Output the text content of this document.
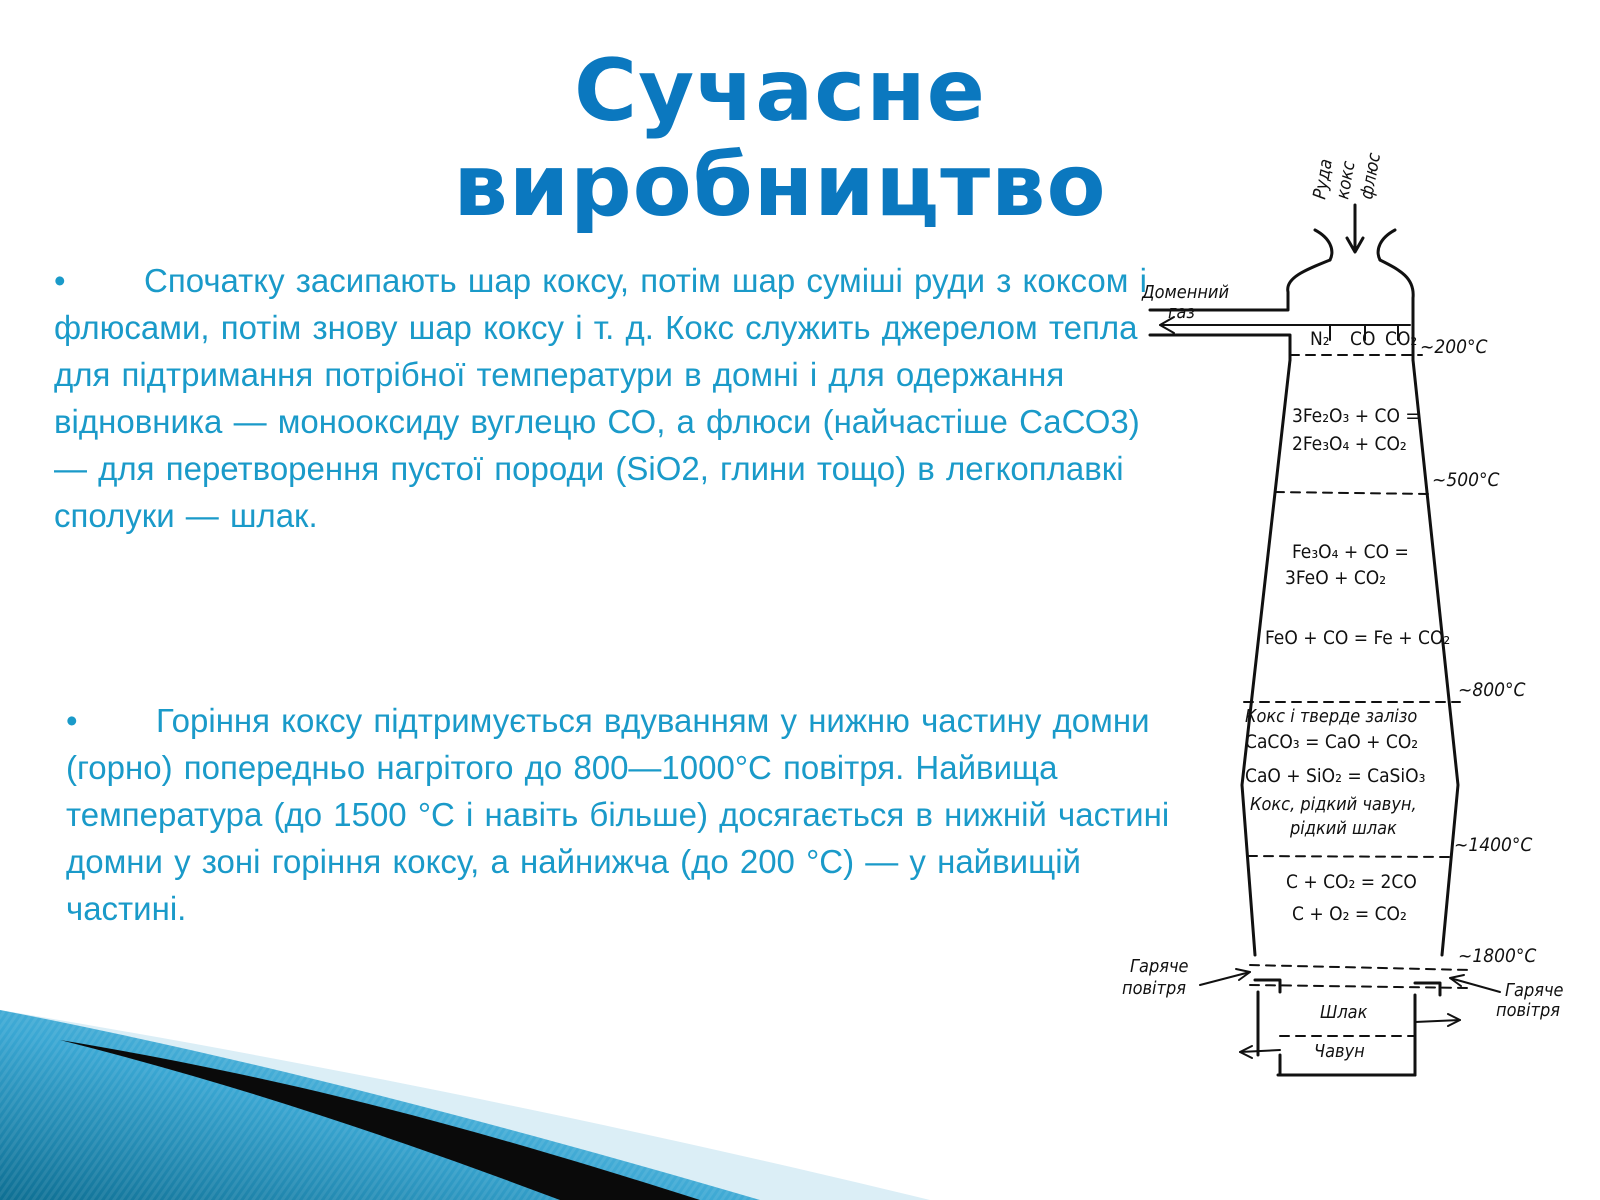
Сучасне виробництво
• Спочатку засипають шар коксу, потім шар суміші руди з коксом і флюсами, потім знову шар коксу і т. д. Кокс служить джерелом тепла для підтримання потрібної температури в домні і для одержання відновника — монооксиду вуглецю СО, а флюси (найчастіше СаСО3) — для перетворення пустої породи (SiO2, глини тощо) в легкоплавкі сполуки — шлак.
• Горіння коксу підтримується вдуванням у нижню частину домни (горно) попередньо нагрітого до 800—1000°С повітря. Найвища температура (до 1500 °С і навіть більше) досягається в нижній частині домни у зоні горіння коксу, а найнижча (до 200 °С) — у найвищій частині.
Руда
кокс
флюс
Доменний
газ
N₂ CO CO₂ ~200°C
~500°C
~800°C
~1400°C
~1800°C
3Fe₂O₃ + CO =
2Fe₃O₄ + CO₂
Fe₃O₄ + CO =
3FeO + CO₂
FeO + CO = Fe + CO₂
Кокс і тверде залізо
CaCO₃ = CaO + CO₂
CaO + SiO₂ = CaSiO₃
Кокс, рідкий чавун,
рідкий шлак
C + CO₂ = 2CO
C + O₂ = CO₂
Гаряче
повітря	Гаряче
повітря
Шлак
Чавун
